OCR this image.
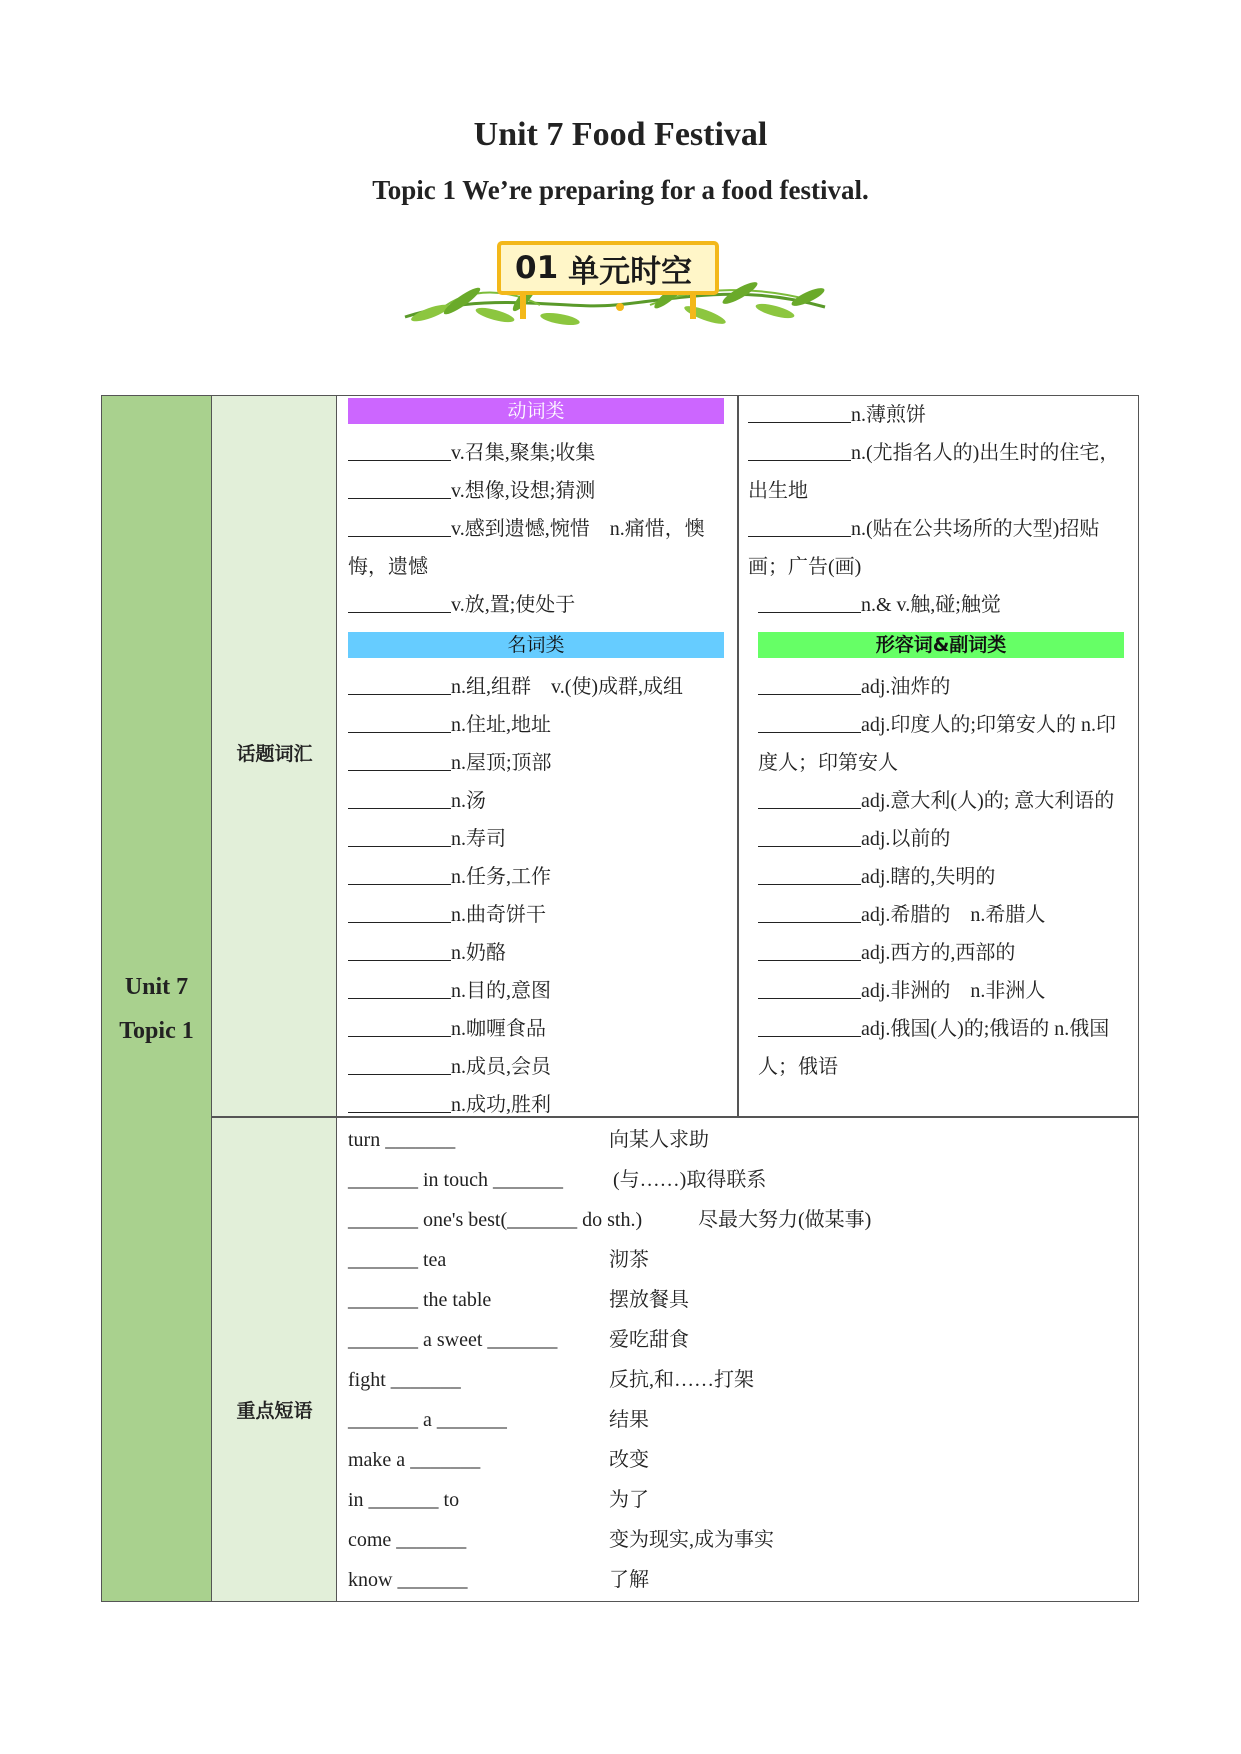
Unit 7 Food Festival
Topic 1 We’re preparing for a food festival.
01 单元时空
Unit 7
Topic 1
话题词汇
重点短语
动词类
v.召集,聚集;收集
v.想像,设想;猜测
v.感到遗憾,惋惜　n.痛惜，懊悔，遗憾
v.放,置;使处于
名词类
n.组,组群　v.(使)成群,成组
n.住址,地址
n.屋顶;顶部
n.汤
n.寿司
n.任务,工作
n.曲奇饼干
n.奶酪
n.目的,意图
n.咖喱食品
n.成员,会员
n.成功,胜利
n.薄煎饼
n.(尤指名人的)出生时的住宅，出生地
n.(贴在公共场所的大型)招贴画；广告(画)
n.& v.触,碰;触觉
形容词&副词类
adj.油炸的
adj.印度人的;印第安人的 n.印度人；印第安人
adj.意大利(人)的; 意大利语的
adj.以前的
adj.瞎的,失明的
adj.希腊的　n.希腊人
adj.西方的,西部的
adj.非洲的　n.非洲人
adj.俄国(人)的;俄语的 n.俄国人；俄语
turn _______	向某人求助
_______ in touch _______	(与……)取得联系
_______ one's best(_______ do sth.)	尽最大努力(做某事)
_______ tea	沏茶
_______ the table	摆放餐具
_______ a sweet _______	爱吃甜食
fight _______	反抗,和……打架
_______ a _______	结果
make a _______	改变
in _______ to	为了
come _______	变为现实,成为事实
know _______	了解
